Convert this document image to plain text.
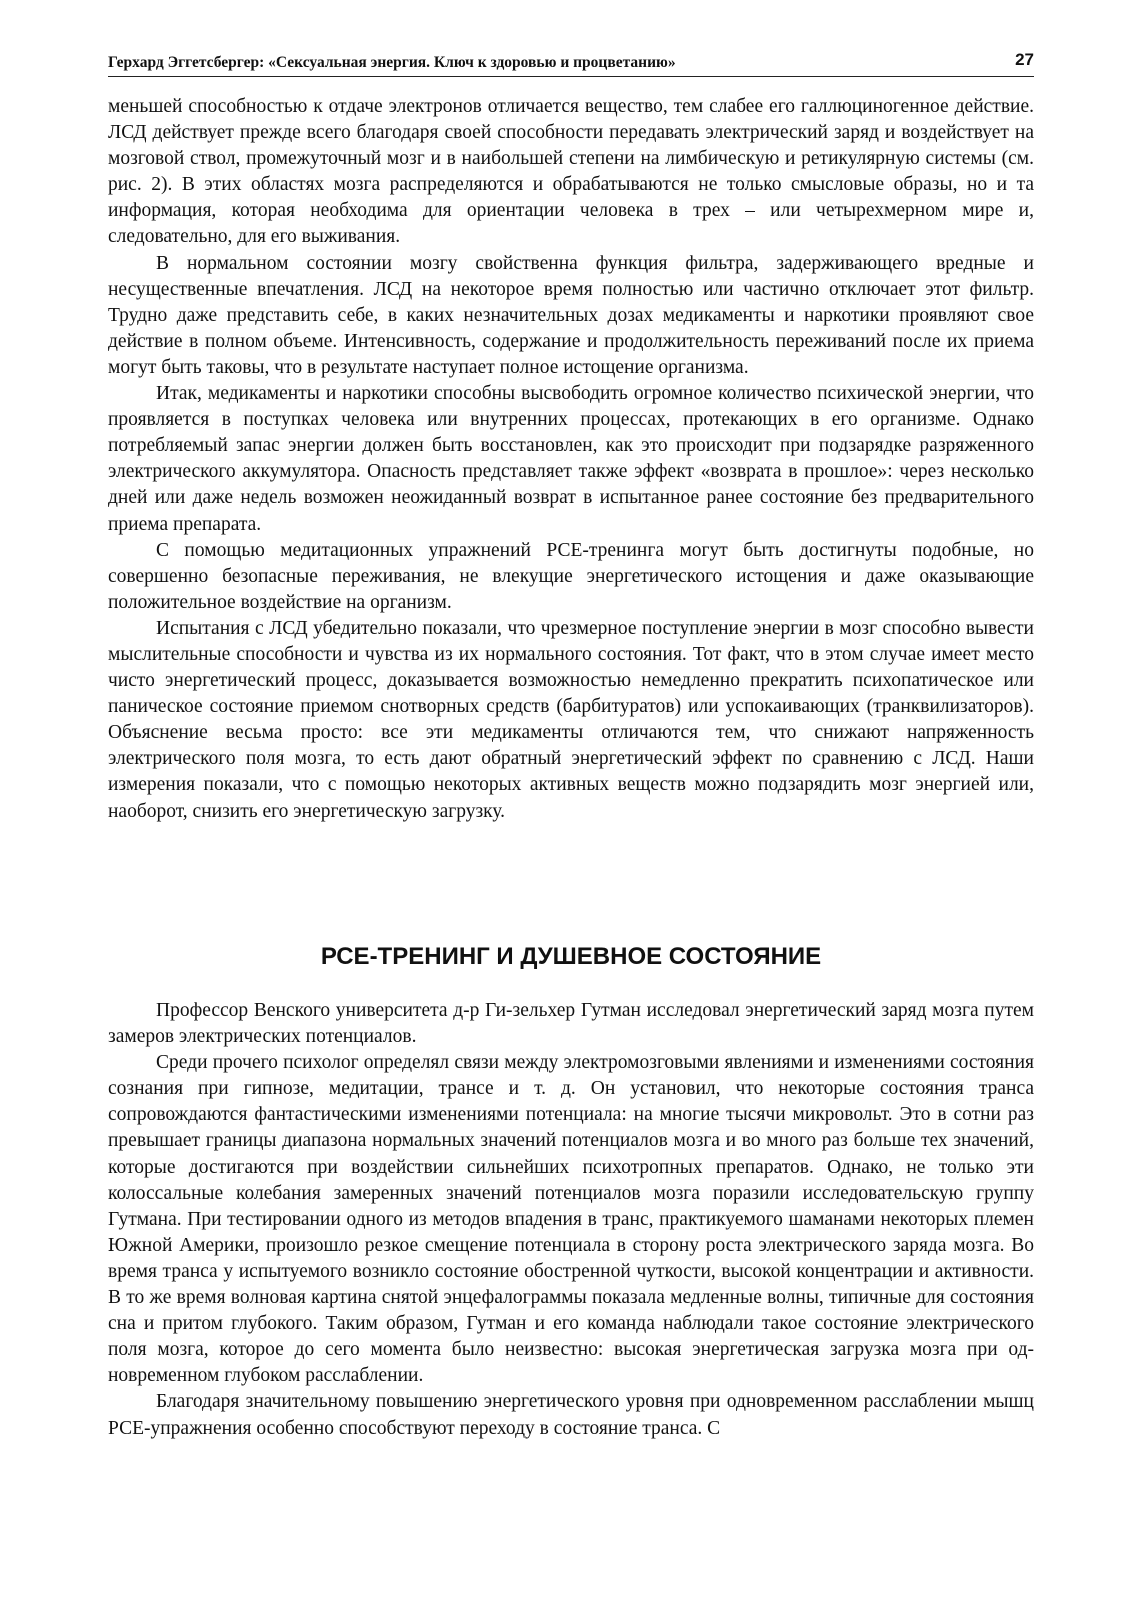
Герхард Эггетсбергер: «Сексуальная энергия. Ключ к здоровью и процветанию»	27

меньшей способностью к отдаче электронов отличается вещество, тем слабее его галлюциногенное действие. ЛСД действует прежде всего благодаря своей способности передавать электрический заряд и воздействует на мозговой ствол, промежуточный мозг и в наибольшей степени на лимбическую и ретикулярную системы (см. рис. 2). В этих областях мозга распределяются и обрабатываются не только смысловые образы, но и та информация, которая необходима для ориентации человека в трех – или четырехмерном мире и, следовательно, для его выживания.

В нормальном состоянии мозгу свойственна функция фильтра, задерживающего вредные и несущественные впечатления. ЛСД на некоторое время полностью или частично отключает этот фильтр. Трудно даже представить себе, в каких незначительных дозах медикаменты и наркотики проявляют свое действие в полном объеме. Интенсивность, содержание и продолжительность переживаний после их приема могут быть таковы, что в результате наступает полное истощение организма.

Итак, медикаменты и наркотики способны высвободить огромное количество психической энергии, что проявляется в поступках человека или внутренних процессах, протекающих в его организме. Однако потребляемый запас энергии должен быть восстановлен, как это происходит при подзарядке разряженного электрического аккумулятора. Опасность представляет также эффект «возврата в прошлое»: через несколько дней или даже недель возможен неожиданный возврат в испытанное ранее состояние без предварительного приема препарата.

С помощью медитационных упражнений РСЕ-тренинга могут быть достигнуты подобные, но совершенно безопасные переживания, не влекущие энергетического истощения и даже оказывающие положительное воздействие на организм.

Испытания с ЛСД убедительно показали, что чрезмерное поступление энергии в мозг способно вывести мыслительные способности и чувства из их нормального состояния. Тот факт, что в этом случае имеет место чисто энергетический процесс, доказывается возможностью немедленно прекратить психопатическое или паническое состояние приемом снотворных средств (барбитуратов) или успокаивающих (транквилизаторов). Объяснение весьма просто: все эти медикаменты отличаются тем, что снижают напряженность электрического поля мозга, то есть дают обратный энергетический эффект по сравнению с ЛСД. Наши измерения показали, что с помощью некоторых активных веществ можно подзарядить мозг энергией или, наоборот, снизить его энергетическую загрузку.

РСЕ-ТРЕНИНГ И ДУШЕВНОЕ СОСТОЯНИЕ

Профессор Венского университета д-р Ги-зельхер Гутман исследовал энергетический заряд мозга путем замеров электрических потенциалов.

Среди прочего психолог определял связи между электромозговыми явлениями и изменениями состояния сознания при гипнозе, медитации, трансе и т. д. Он установил, что некоторые состояния транса сопровождаются фантастическими изменениями потенциала: на многие тысячи микровольт. Это в сотни раз превышает границы диапазона нормальных значений потенциалов мозга и во много раз больше тех значений, которые достигаются при воздействии сильнейших психотропных препаратов. Однако, не только эти колоссальные колебания замеренных значений потенциалов мозга поразили исследовательскую группу Гутмана. При тестировании одного из методов впадения в транс, практикуемого шаманами некоторых племен Южной Америки, произошло резкое смещение потенциала в сторону роста электрического заряда мозга. Во время транса у испытуемого возникло состояние обостренной чуткости, высокой концентрации и активности. В то же время волновая картина снятой энцефалограммы показала медленные волны, типичные для состояния сна и притом глубокого. Таким образом, Гутман и его команда наблюдали такое состояние электрического поля мозга, которое до сего момента было неизвестно: высокая энергетическая загрузка мозга при одновременном глубоком расслаблении.

Благодаря значительному повышению энергетического уровня при одновременном расслаблении мышц РСЕ-упражнения особенно способствуют переходу в состояние транса. С
